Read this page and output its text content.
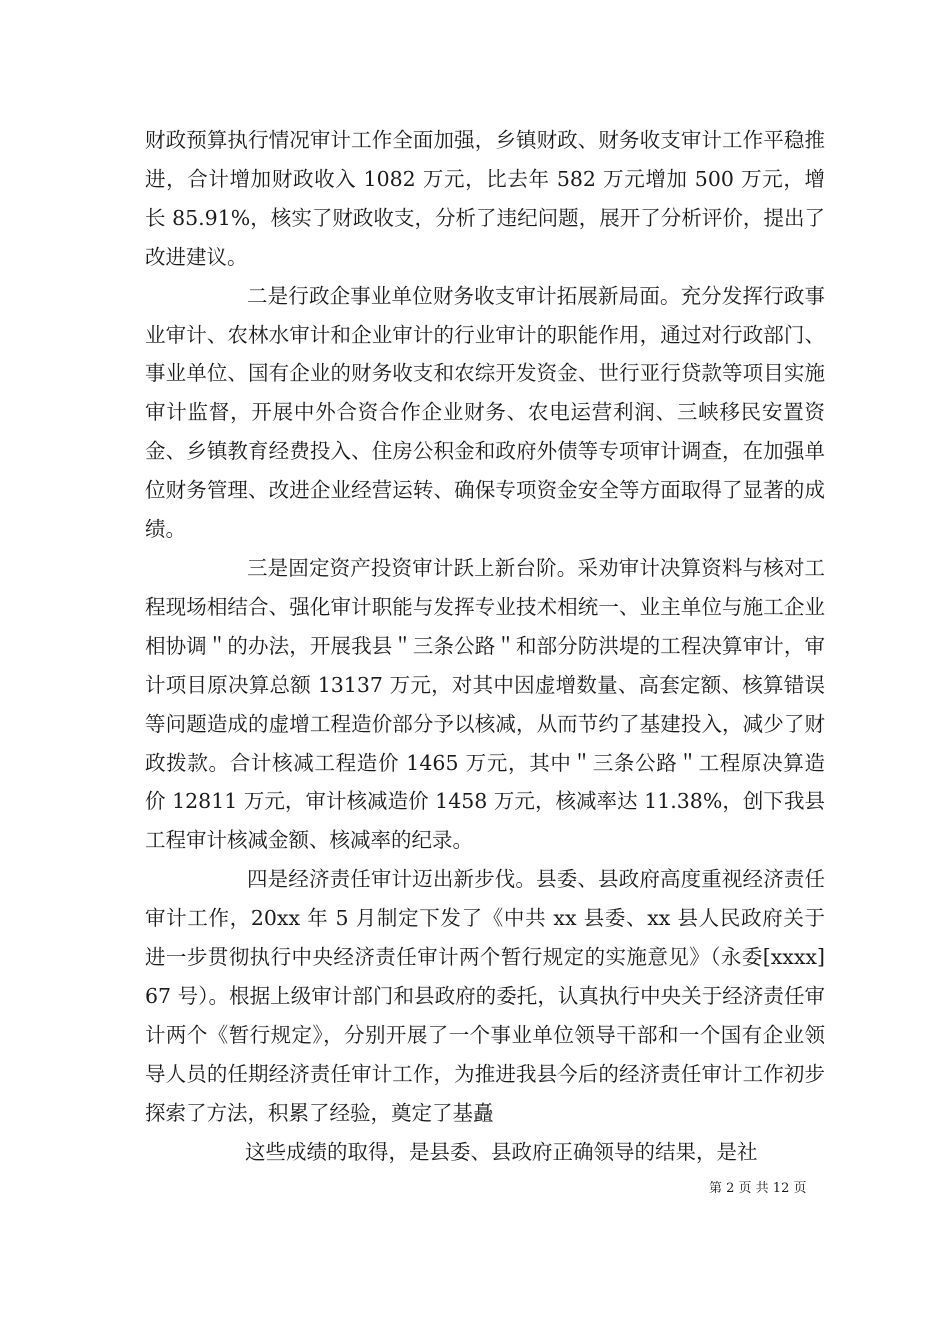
财政预算执行情况审计工作全面加强，乡镇财政、财务收支审计工作平稳推进，合计增加财政收入 1082 万元，比去年 582 万元增加 500 万元，增长 85.91%，核实了财政收支，分析了违纪问题，展开了分析评价，提出了改进建议。

二是行政企事业单位财务收支审计拓展新局面。充分发挥行政事业审计、农林水审计和企业审计的行业审计的职能作用，通过对行政部门、事业单位、国有企业的财务收支和农综开发资金、世行亚行贷款等项目实施审计监督，开展中外合资合作企业财务、农电运营利润、三峡移民安置资金、乡镇教育经费投入、住房公积金和政府外债等专项审计调查，在加强单位财务管理、改进企业经营运转、确保专项资金安全等方面取得了显著的成绩。

三是固定资产投资审计跃上新台阶。采劝审计决算资料与核对工程现场相结合、强化审计职能与发挥专业技术相统一、业主单位与施工企业相协调＂的办法，开展我县＂三条公路＂和部分防洪堤的工程决算审计，审计项目原决算总额 13137 万元，对其中因虚增数量、高套定额、核算错误等问题造成的虚增工程造价部分予以核减，从而节约了基建投入，减少了财政拨款。合计核减工程造价 1465 万元，其中＂三条公路＂工程原决算造价 12811 万元，审计核减造价 1458 万元，核减率达 11.38%，创下我县工程审计核减金额、核减率的纪录。

四是经济责任审计迈出新步伐。县委、县政府高度重视经济责任审计工作，20xx 年 5 月制定下发了《中共 xx 县委、xx 县人民政府关于进一步贯彻执行中央经济责任审计两个暂行规定的实施意见》（永委[xxxx]67 号）。根据上级审计部门和县政府的委托，认真执行中央关于经济责任审计两个《暂行规定》，分别开展了一个事业单位领导干部和一个国有企业领导人员的任期经济责任审计工作，为推进我县今后的经济责任审计工作初步探索了方法，积累了经验，奠定了基矗

这些成绩的取得，是县委、县政府正确领导的结果，是社

第 2 页 共 12 页
